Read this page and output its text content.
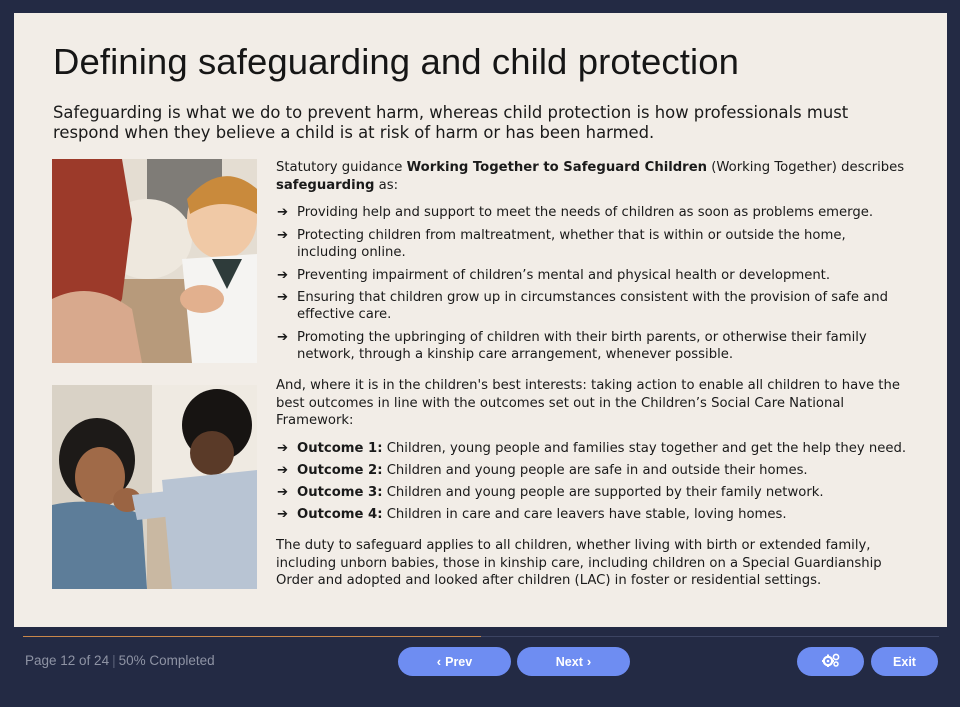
Defining safeguarding and child protection

Safeguarding is what we do to prevent harm, whereas child protection is how professionals must respond when they believe a child is at risk of harm or has been harmed.

Statutory guidance Working Together to Safeguard Children (Working Together) describes safeguarding as:

➔ Providing help and support to meet the needs of children as soon as problems emerge.
➔ Protecting children from maltreatment, whether that is within or outside the home, including online.
➔ Preventing impairment of children’s mental and physical health or development.
➔ Ensuring that children grow up in circumstances consistent with the provision of safe and effective care.
➔ Promoting the upbringing of children with their birth parents, or otherwise their family network, through a kinship care arrangement, whenever possible.

And, where it is in the children's best interests: taking action to enable all children to have the best outcomes in line with the outcomes set out in the Children’s Social Care National Framework:

➔ Outcome 1: Children, young people and families stay together and get the help they need.
➔ Outcome 2: Children and young people are safe in and outside their homes.
➔ Outcome 3: Children and young people are supported by their family network.
➔ Outcome 4: Children in care and care leavers have stable, loving homes.

The duty to safeguard applies to all children, whether living with birth or extended family, including unborn babies, those in kinship care, including children on a Special Guardianship Order and adopted and looked after children (LAC) in foster or residential settings.

Page 12 of 24 | 50% Completed	‹ Prev	Next ›	Exit
